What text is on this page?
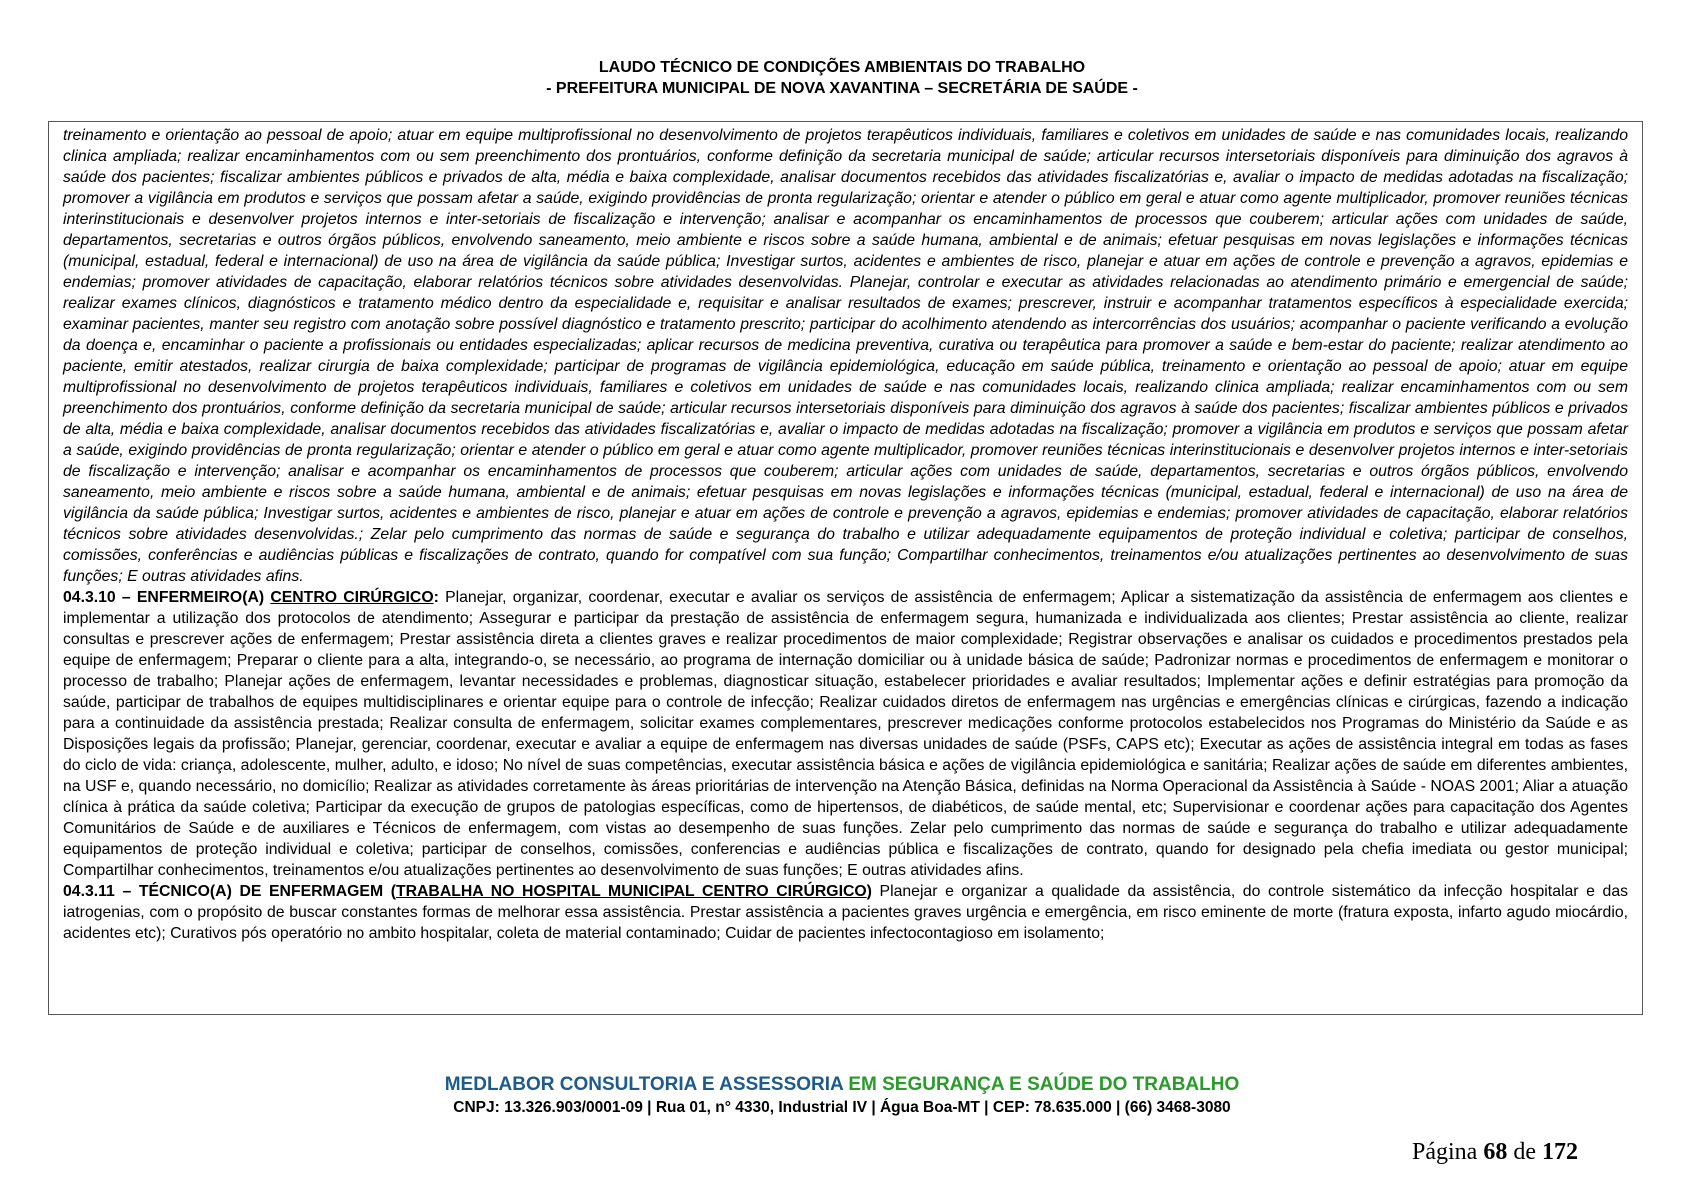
LAUDO TÉCNICO DE CONDIÇÕES AMBIENTAIS DO TRABALHO
- PREFEITURA MUNICIPAL DE NOVA XAVANTINA – SECRETÁRIA DE SAÚDE -

treinamento e orientação ao pessoal de apoio; atuar em equipe multiprofissional no desenvolvimento de projetos terapêuticos individuais, familiares e coletivos em unidades de saúde e nas comunidades locais, realizando clinica ampliada; realizar encaminhamentos com ou sem preenchimento dos prontuários, conforme definição da secretaria municipal de saúde; articular recursos intersetoriais disponíveis para diminuição dos agravos à saúde dos pacientes; fiscalizar ambientes públicos e privados de alta, média e baixa complexidade, analisar documentos recebidos das atividades fiscalizatórias e, avaliar o impacto de medidas adotadas na fiscalização; promover a vigilância em produtos e serviços que possam afetar a saúde, exigindo providências de pronta regularização; orientar e atender o público em geral e atuar como agente multiplicador, promover reuniões técnicas interinstitucionais e desenvolver projetos internos e inter-setoriais de fiscalização e intervenção; analisar e acompanhar os encaminhamentos de processos que couberem; articular ações com unidades de saúde, departamentos, secretarias e outros órgãos públicos, envolvendo saneamento, meio ambiente e riscos sobre a saúde humana, ambiental e de animais; efetuar pesquisas em novas legislações e informações técnicas (municipal, estadual, federal e internacional) de uso na área de vigilância da saúde pública; Investigar surtos, acidentes e ambientes de risco, planejar e atuar em ações de controle e prevenção a agravos, epidemias e endemias; promover atividades de capacitação, elaborar relatórios técnicos sobre atividades desenvolvidas. Planejar, controlar e executar as atividades relacionadas ao atendimento primário e emergencial de saúde; realizar exames clínicos, diagnósticos e tratamento médico dentro da especialidade e, requisitar e analisar resultados de exames; prescrever, instruir e acompanhar tratamentos específicos à especialidade exercida; examinar pacientes, manter seu registro com anotação sobre possível diagnóstico e tratamento prescrito; participar do acolhimento atendendo as intercorrências dos usuários; acompanhar o paciente verificando a evolução da doença e, encaminhar o paciente a profissionais ou entidades especializadas; aplicar recursos de medicina preventiva, curativa ou terapêutica para promover a saúde e bem-estar do paciente; realizar atendimento ao paciente, emitir atestados, realizar cirurgia de baixa complexidade; participar de programas de vigilância epidemiológica, educação em saúde pública, treinamento e orientação ao pessoal de apoio; atuar em equipe multiprofissional no desenvolvimento de projetos terapêuticos individuais, familiares e coletivos em unidades de saúde e nas comunidades locais, realizando clinica ampliada; realizar encaminhamentos com ou sem preenchimento dos prontuários, conforme definição da secretaria municipal de saúde; articular recursos intersetoriais disponíveis para diminuição dos agravos à saúde dos pacientes; fiscalizar ambientes públicos e privados de alta, média e baixa complexidade, analisar documentos recebidos das atividades fiscalizatórias e, avaliar o impacto de medidas adotadas na fiscalização; promover a vigilância em produtos e serviços que possam afetar a saúde, exigindo providências de pronta regularização; orientar e atender o público em geral e atuar como agente multiplicador, promover reuniões técnicas interinstitucionais e desenvolver projetos internos e inter-setoriais de fiscalização e intervenção; analisar e acompanhar os encaminhamentos de processos que couberem; articular ações com unidades de saúde, departamentos, secretarias e outros órgãos públicos, envolvendo saneamento, meio ambiente e riscos sobre a saúde humana, ambiental e de animais; efetuar pesquisas em novas legislações e informações técnicas (municipal, estadual, federal e internacional) de uso na área de vigilância da saúde pública; Investigar surtos, acidentes e ambientes de risco, planejar e atuar em ações de controle e prevenção a agravos, epidemias e endemias; promover atividades de capacitação, elaborar relatórios técnicos sobre atividades desenvolvidas.; Zelar pelo cumprimento das normas de saúde e segurança do trabalho e utilizar adequadamente equipamentos de proteção individual e coletiva; participar de conselhos, comissões, conferências e audiências públicas e fiscalizações de contrato, quando for compatível com sua função; Compartilhar conhecimentos, treinamentos e/ou atualizações pertinentes ao desenvolvimento de suas funções; E outras atividades afins.

04.3.10 – ENFERMEIRO(A) CENTRO CIRÚRGICO: Planejar, organizar, coordenar, executar e avaliar os serviços de assistência de enfermagem; Aplicar a sistematização da assistência de enfermagem aos clientes e implementar a utilização dos protocolos de atendimento; Assegurar e participar da prestação de assistência de enfermagem segura, humanizada e individualizada aos clientes; Prestar assistência ao cliente, realizar consultas e prescrever ações de enfermagem; Prestar assistência direta a clientes graves e realizar procedimentos de maior complexidade; Registrar observações e analisar os cuidados e procedimentos prestados pela equipe de enfermagem; Preparar o cliente para a alta, integrando-o, se necessário, ao programa de internação domiciliar ou à unidade básica de saúde; Padronizar normas e procedimentos de enfermagem e monitorar o processo de trabalho; Planejar ações de enfermagem, levantar necessidades e problemas, diagnosticar situação, estabelecer prioridades e avaliar resultados; Implementar ações e definir estratégias para promoção da saúde, participar de trabalhos de equipes multidisciplinares e orientar equipe para o controle de infecção; Realizar cuidados diretos de enfermagem nas urgências e emergências clínicas e cirúrgicas, fazendo a indicação para a continuidade da assistência prestada; Realizar consulta de enfermagem, solicitar exames complementares, prescrever medicações conforme protocolos estabelecidos nos Programas do Ministério da Saúde e as Disposições legais da profissão; Planejar, gerenciar, coordenar, executar e avaliar a equipe de enfermagem nas diversas unidades de saúde (PSFs, CAPS etc); Executar as ações de assistência integral em todas as fases do ciclo de vida: criança, adolescente, mulher, adulto, e idoso; No nível de suas competências, executar assistência básica e ações de vigilância epidemiológica e sanitária; Realizar ações de saúde em diferentes ambientes, na USF e, quando necessário, no domicílio; Realizar as atividades corretamente às áreas prioritárias de intervenção na Atenção Básica, definidas na Norma Operacional da Assistência à Saúde - NOAS 2001; Aliar a atuação clínica à prática da saúde coletiva; Participar da execução de grupos de patologias específicas, como de hipertensos, de diabéticos, de saúde mental, etc; Supervisionar e coordenar ações para capacitação dos Agentes Comunitários de Saúde e de auxiliares e Técnicos de enfermagem, com vistas ao desempenho de suas funções. Zelar pelo cumprimento das normas de saúde e segurança do trabalho e utilizar adequadamente equipamentos de proteção individual e coletiva; participar de conselhos, comissões, conferencias e audiências pública e fiscalizações de contrato, quando for designado pela chefia imediata ou gestor municipal; Compartilhar conhecimentos, treinamentos e/ou atualizações pertinentes ao desenvolvimento de suas funções; E outras atividades afins.

04.3.11 – TÉCNICO(A) DE ENFERMAGEM (TRABALHA NO HOSPITAL MUNICIPAL CENTRO CIRÚRGICO) Planejar e organizar a qualidade da assistência, do controle sistemático da infecção hospitalar e das iatrogenias, com o propósito de buscar constantes formas de melhorar essa assistência. Prestar assistência a pacientes graves urgência e emergência, em risco eminente de morte (fratura exposta, infarto agudo miocárdio, acidentes etc); Curativos pós operatório no ambito hospitalar, coleta de material contaminado; Cuidar de pacientes infectocontagioso em isolamento;

MEDLABOR CONSULTORIA E ASSESSORIA EM SEGURANÇA E SAÚDE DO TRABALHO
CNPJ: 13.326.903/0001-09 | Rua 01, n° 4330, Industrial IV | Água Boa-MT | CEP: 78.635.000 | (66) 3468-3080
Página 68 de 172
